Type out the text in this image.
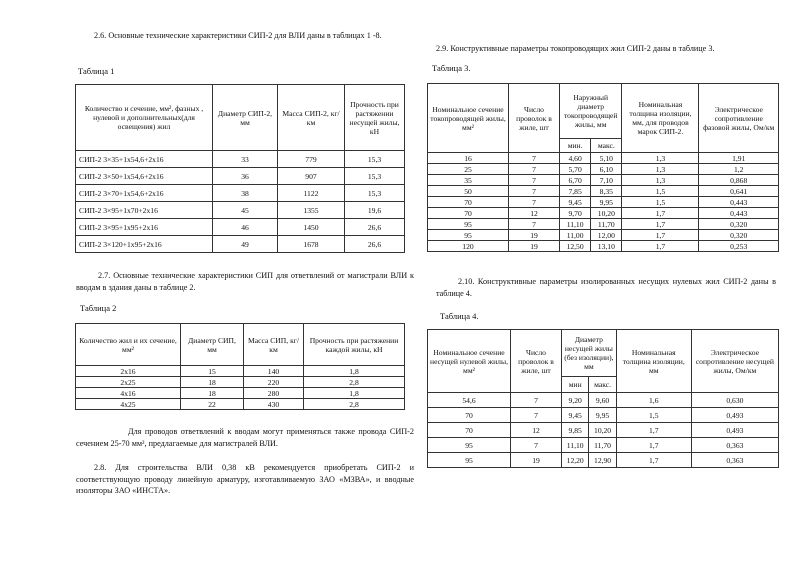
2.6. Основные технические характеристики СИП-2 для ВЛИ даны в таблицах 1 -8.
Таблица 1
Количество и сечение, мм², фазных , нулевой и дополнительных(для освещения) жил	Диаметр СИП-2, мм	Масса СИП-2, кг/км	Прочность при растяжении несущей жилы, кН
СИП-2 3×35+1х54,6+2х16	33	779	15,3
СИП-2 3×50+1х54,6+2х16	36	907	15,3
СИП-2 3×70+1х54,6+2х16	38	1122	15,3
СИП-2 3×95+1х70+2х16	45	1355	19,6
СИП-2 3×95+1х95+2х16	46	1450	26,6
СИП-2 3×120+1х95+2х16	49	1678	26,6
2.7. Основные технические характеристики СИП для ответвлений от магистрали ВЛИ к вводам в здания даны в таблице 2.
Таблица 2
Количество жил и их сечение, мм²	Диаметр СИП, мм	Масса СИП, кг/км	Прочность при растяжении каждой жилы, кН
2х16	15	140	1,8
2х25	18	220	2,8
4х16	18	280	1,8
4х25	22	430	2,8
Для проводов ответвлений к вводам могут применяться также провода СИП-2 сечением 25-70 мм², предлагаемые для магистралей ВЛИ.
2.8. Для строительства ВЛИ 0,38 кВ рекомендуется приобретать СИП-2 и соответствующую проводу линейную арматуру, изготавливаемую ЗАО «МЗВА», и вводные изоляторы ЗАО «ИНСТА».
2.9. Конструктивные параметры токопроводящих жил СИП-2 даны в таблице 3.
Таблица 3.
Номинальное сечение токопроводящей жилы, мм²	Число проволок в жиле, шт	Наружный диаметр токопроводящей жилы, мм		Номинальная толщина изоляции, мм, для проводов марок СИП-2.	Электрическое сопротивление фазовой жилы, Ом/км
		мин.	макс.		
16	7	4,60	5,10	1,3	1,91
25	7	5,70	6,10	1,3	1,2
35	7	6,70	7,10	1,3	0,868
50	7	7,85	8,35	1,5	0,641
70	7	9,45	9,95	1,5	0,443
70	12	9,70	10,20	1,7	0,443
95	7	11,10	11,70	1,7	0,320
95	19	11,00	12,00	1,7	0,320
120	19	12,50	13,10	1,7	0,253
2.10. Конструктивные параметры изолированных несущих нулевых жил СИП-2 даны в таблице 4.
Таблица 4.
Номинальное сечение несущей нулевой жилы, мм²	Число проволок в жиле, шт	Диаметр несущей жилы (без изоляции), мм		Номинальная толщина изоляции, мм	Электрическое сопротивление несущей жилы, Ом/км
		мин	макс.		
54,6	7	9,20	9,60	1,6	0,630
70	7	9,45	9,95	1,5	0,493
70	12	9,85	10,20	1,7	0,493
95	7	11,10	11,70	1,7	0,363
95	19	12,20	12,90	1,7	0,363
